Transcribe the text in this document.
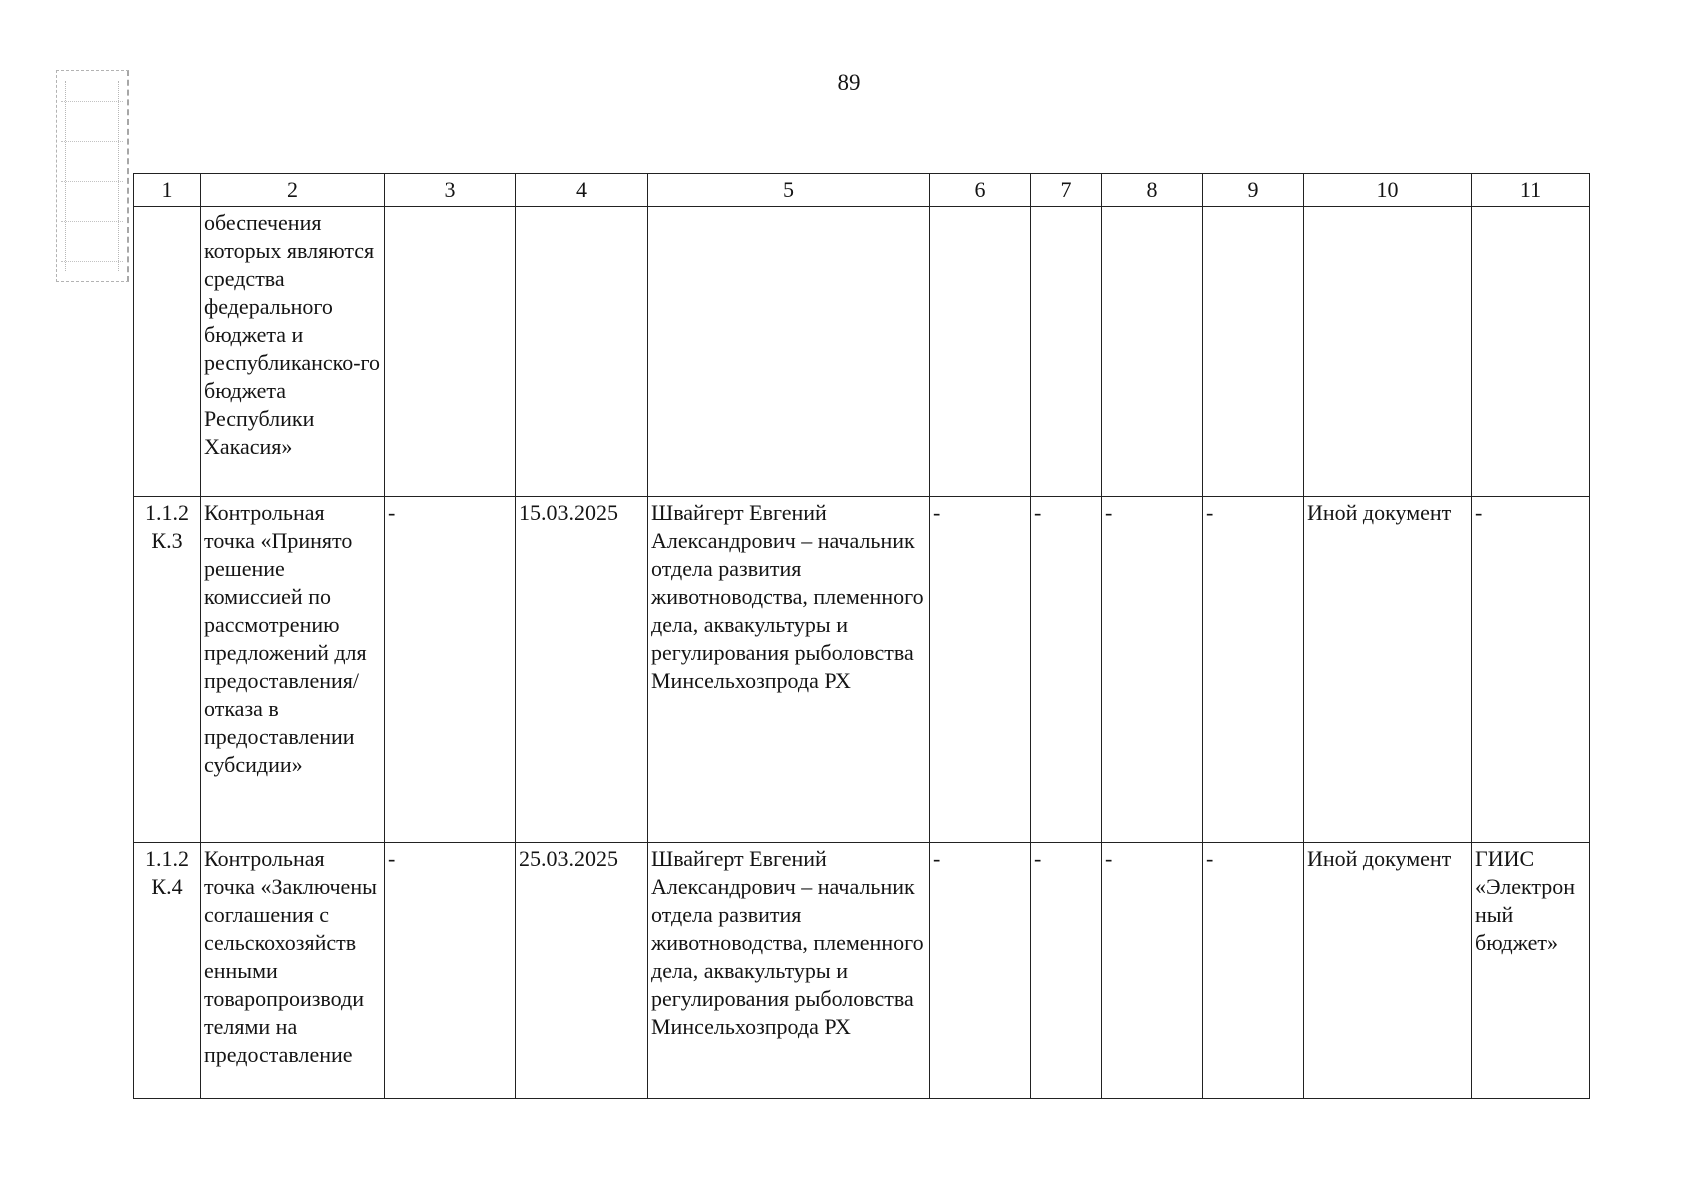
89
1	2	3	4	5	6	7	8	9	10	11
	обеспечения которых являются средства федерального бюджета и республиканско-го бюджета Республики Хакасия»									
1.1.2 К.3	Контрольная точка «Принято решение комиссией по рассмотрению предложений для предоставления/ отказа в предоставлении субсидии»	-	15.03.2025	Швайгерт Евгений Александрович – начальник отдела развития животноводства, племенного дела, аквакультуры и регулирования рыболовства Минсельхозпрода РХ	-	-	-	-	Иной документ	-
1.1.2 К.4	Контрольная точка «Заключены соглашения с сельскохозяйств енными товаропроизводи телями на предоставление	-	25.03.2025	Швайгерт Евгений Александрович – начальник отдела развития животноводства, племенного дела, аквакультуры и регулирования рыболовства Минсельхозпрода РХ	-	-	-	-	Иной документ	ГИИС «Электрон ный бюджет»
